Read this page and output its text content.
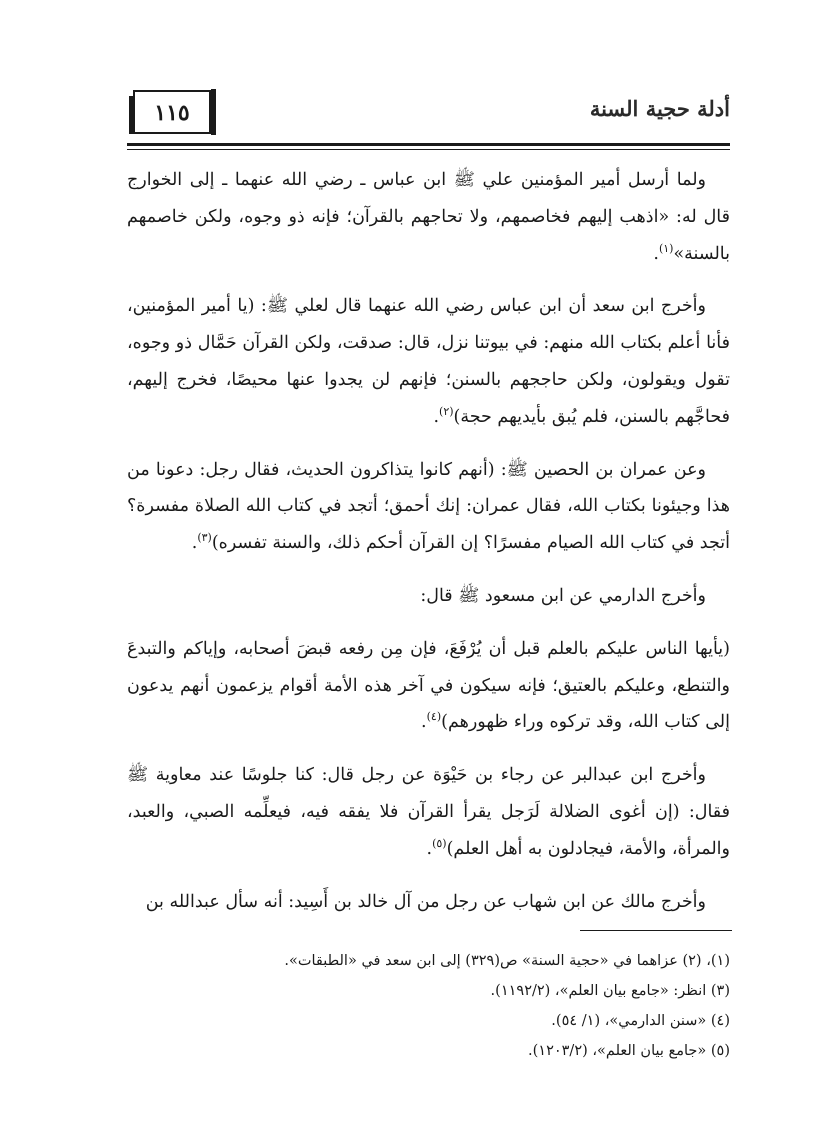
أدلة حجية السنة
١١٥

ولما أرسل أمير المؤمنين علي ﷺ ابن عباس ـ رضي الله عنهما ـ إلى الخوارج قال له: «اذهب إليهم فخاصمهم، ولا تحاجهم بالقرآن؛ فإنه ذو وجوه، ولكن خاصمهم بالسنة»$^{(١)}$.

وأخرج ابن سعد أن ابن عباس رضي الله عنهما قال لعلي ﷺ: (يا أمير المؤمنين، فأنا أعلم بكتاب الله منهم: في بيوتنا نزل، قال: صدقت، ولكن القرآن حَمَّال ذو وجوه، تقول ويقولون، ولكن حاججهم بالسنن؛ فإنهم لن يجدوا عنها محيصًا، فخرج إليهم، فحاجَّهم بالسنن، فلم يُبق بأيديهم حجة)$^{(٢)}$.

وعن عمران بن الحصين ﷺ: (أنهم كانوا يتذاكرون الحديث، فقال رجل: دعونا من هذا وجيئونا بكتاب الله، فقال عمران: إنك أحمق؛ أتجد في كتاب الله الصلاة مفسرة؟ أتجد في كتاب الله الصيام مفسرًا؟ إن القرآن أحكم ذلك، والسنة تفسره)$^{(٣)}$.

وأخرج الدارمي عن ابن مسعود ﷺ قال:

(يأيها الناس عليكم بالعلم قبل أن يُرْفَعَ، فإن مِن رفعه قبضَ أصحابه، وإياكم والتبدعَ والتنطع، وعليكم بالعتيق؛ فإنه سيكون في آخر هذه الأمة أقوام يزعمون أنهم يدعون إلى كتاب الله، وقد تركوه وراء ظهورهم)$^{(٤)}$.

وأخرج ابن عبدالبر عن رجاء بن حَيْوَة عن رجل قال: كنا جلوسًا عند معاوية ﷺ فقال: (إن أغوى الضلالة لَرَجل يقرأ القرآن فلا يفقه فيه، فيعلِّمه الصبي، والعبد، والمرأة، والأمة، فيجادلون به أهل العلم)$^{(٥)}$.

وأخرج مالك عن ابن شهاب عن رجل من آل خالد بن أَسِيد: أنه سأل عبدالله بن

(١)، (٢) عزاهما في «حجية السنة» ص(٣٢٩) إلى ابن سعد في «الطبقات».

(٣) انظر: «جامع بيان العلم»، (١١٩٢/٢).

(٤) «سنن الدارمي»، (١/ ٥٤).

(٥) «جامع بيان العلم»، (١٢٠٣/٢).
